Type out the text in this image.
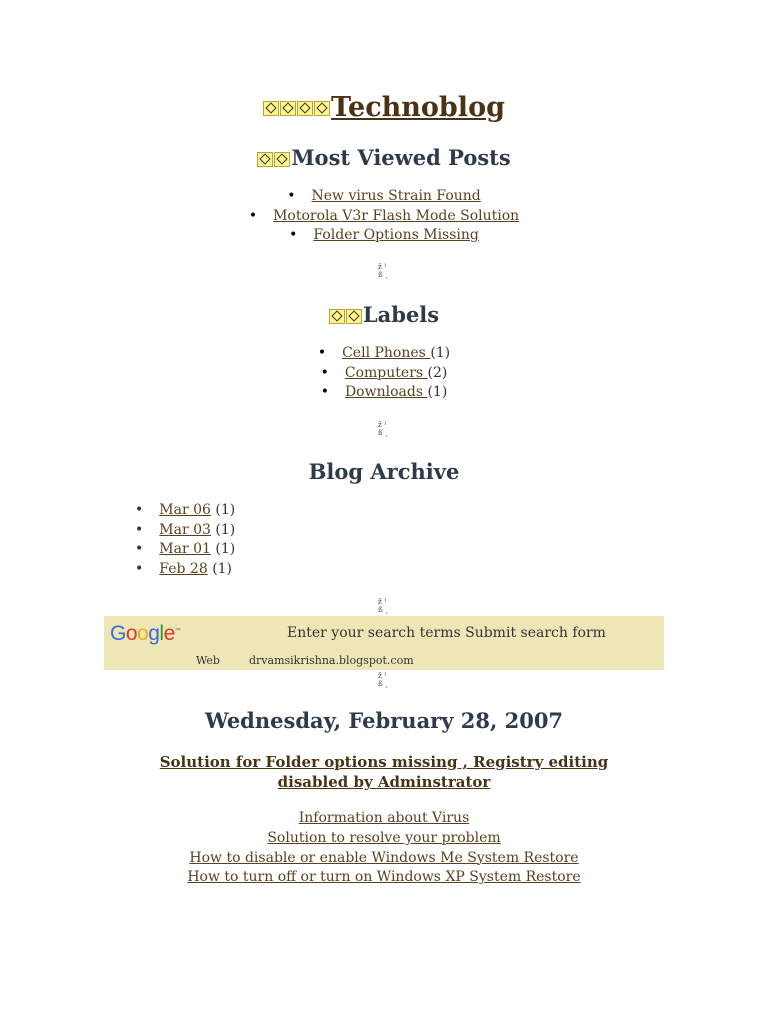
Technoblog
Most Viewed Posts
• New virus Strain Found
• Motorola V3r Flash Mode Solution
• Folder Options Missing
ž ¹
ß ¸
Labels
• Cell Phones (1)
• Computers (2)
• Downloads (1)
ž ¹
ß ¸
Blog Archive
• Mar 06 (1)
• Mar 03 (1)
• Mar 01 (1)
• Feb 28 (1)
ž ¹
ß ¸
Google™	Enter your search terms Submit search form
Web	drvamsikrishna.blogspot.com
ž ¹
ß ¸
Wednesday, February 28, 2007
Solution for Folder options missing , Registry editing disabled by Adminstrator
Information about Virus
Solution to resolve your problem
How to disable or enable Windows Me System Restore
How to turn off or turn on Windows XP System Restore
